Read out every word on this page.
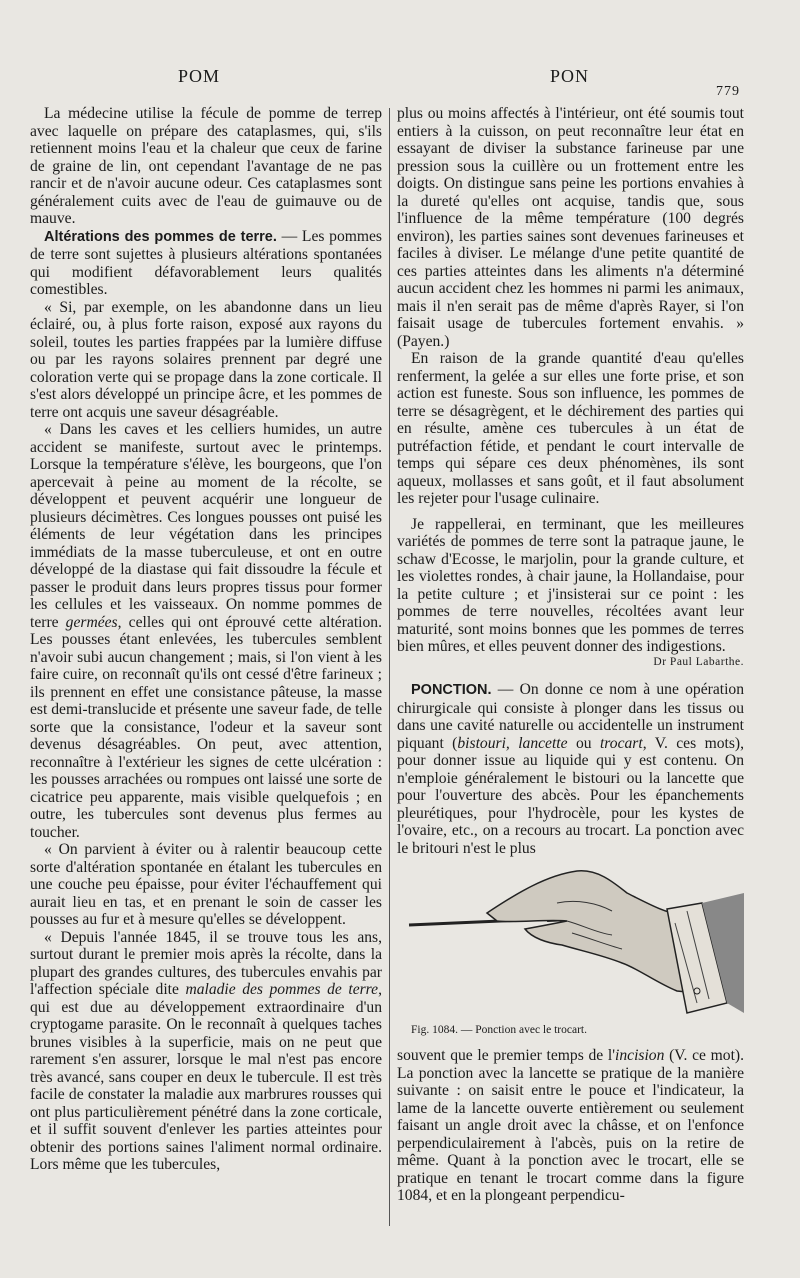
POM	PON
779

La médecine utilise la fécule de pomme de terrep avec laquelle on prépare des cataplasmes, qui, s'ils retiennent moins l'eau et la chaleur que ceux de farine de graine de lin, ont cependant l'avantage de ne pas rancir et de n'avoir aucune odeur. Ces cataplasmes sont généralement cuits avec de l'eau de guimauve ou de mauve.

Altérations des pommes de terre. — Les pommes de terre sont sujettes à plusieurs altérations spontanées qui modifient défavorablement leurs qualités comestibles.

« Si, par exemple, on les abandonne dans un lieu éclairé, ou, à plus forte raison, exposé aux rayons du soleil, toutes les parties frappées par la lumière diffuse ou par les rayons solaires prennent par degré une coloration verte qui se propage dans la zone corticale. Il s'est alors développé un principe âcre, et les pommes de terre ont acquis une saveur désagréable.

« Dans les caves et les celliers humides, un autre accident se manifeste, surtout avec le printemps. Lorsque la température s'élève, les bourgeons, que l'on apercevait à peine au moment de la récolte, se développent et peuvent acquérir une longueur de plusieurs décimètres. Ces longues pousses ont puisé les éléments de leur végétation dans les principes immédiats de la masse tuberculeuse, et ont en outre développé de la diastase qui fait dissoudre la fécule et passer le produit dans leurs propres tissus pour former les cellules et les vaisseaux. On nomme pommes de terre germées, celles qui ont éprouvé cette altération. Les pousses étant enlevées, les tubercules semblent n'avoir subi aucun changement ; mais, si l'on vient à les faire cuire, on reconnaît qu'ils ont cessé d'être farineux ; ils prennent en effet une consistance pâteuse, la masse est demi-translucide et présente une saveur fade, de telle sorte que la consistance, l'odeur et la saveur sont devenus désagréables. On peut, avec attention, reconnaître à l'extérieur les signes de cette ulcération : les pousses arrachées ou rompues ont laissé une sorte de cicatrice peu apparente, mais visible quelquefois ; en outre, les tubercules sont devenus plus fermes au toucher.

« On parvient à éviter ou à ralentir beaucoup cette sorte d'altération spontanée en étalant les tubercules en une couche peu épaisse, pour éviter l'échauffement qui aurait lieu en tas, et en prenant le soin de casser les pousses au fur et à mesure qu'elles se développent.

« Depuis l'année 1845, il se trouve tous les ans, surtout durant le premier mois après la récolte, dans la plupart des grandes cultures, des tubercules envahis par l'affection spéciale dite maladie des pommes de terre, qui est due au développement extraordinaire d'un cryptogame parasite. On le reconnaît à quelques taches brunes visibles à la superficie, mais on ne peut que rarement s'en assurer, lorsque le mal n'est pas encore très avancé, sans couper en deux le tubercule. Il est très facile de constater la maladie aux marbrures rousses qui ont plus particulièrement pénétré dans la zone corticale, et il suffit souvent d'enlever les parties atteintes pour obtenir des portions saines l'aliment normal ordinaire. Lors même que les tubercules,

plus ou moins affectés à l'intérieur, ont été soumis tout entiers à la cuisson, on peut reconnaître leur état en essayant de diviser la substance farineuse par une pression sous la cuillère ou un frottement entre les doigts. On distingue sans peine les portions envahies à la dureté qu'elles ont acquise, tandis que, sous l'influence de la même température (100 degrés environ), les parties saines sont devenues farineuses et faciles à diviser. Le mélange d'une petite quantité de ces parties atteintes dans les aliments n'a déterminé aucun accident chez les hommes ni parmi les animaux, mais il n'en serait pas de même d'après Rayer, si l'on faisait usage de tubercules fortement envahis. » (Payen.)

En raison de la grande quantité d'eau qu'elles renferment, la gelée a sur elles une forte prise, et son action est funeste. Sous son influence, les pommes de terre se désagrègent, et le déchirement des parties qui en résulte, amène ces tubercules à un état de putréfaction fétide, et pendant le court intervalle de temps qui sépare ces deux phénomènes, ils sont aqueux, mollasses et sans goût, et il faut absolument les rejeter pour l'usage culinaire.

Je rappellerai, en terminant, que les meilleures variétés de pommes de terre sont la patraque jaune, le schaw d'Ecosse, le marjolin, pour la grande culture, et les violettes rondes, à chair jaune, la Hollandaise, pour la petite culture ; et j'insisterai sur ce point : les pommes de terre nouvelles, récoltées avant leur maturité, sont moins bonnes que les pommes de terres bien mûres, et elles peuvent donner des indigestions.

Dr Paul Labarthe.

PONCTION. — On donne ce nom à une opération chirurgicale qui consiste à plonger dans les tissus ou dans une cavité naturelle ou accidentelle un instrument piquant (bistouri, lancette ou trocart, V. ces mots), pour donner issue au liquide qui y est contenu. On n'emploie généralement le bistouri ou la lancette que pour l'ouverture des abcès. Pour les épanchements pleurétiques, pour l'hydrocèle, pour les kystes de l'ovaire, etc., on a recours au trocart. La ponction avec le britouri n'est le plus

Fig. 1084. — Ponction avec le trocart.

souvent que le premier temps de l'incision (V. ce mot). La ponction avec la lancette se pratique de la manière suivante : on saisit entre le pouce et l'indicateur, la lame de la lancette ouverte entièrement ou seulement faisant un angle droit avec la châsse, et on l'enfonce perpendiculairement à l'abcès, puis on la retire de même. Quant à la ponction avec le trocart, elle se pratique en tenant le trocart comme dans la figure 1084, et en la plongeant perpendicu-
